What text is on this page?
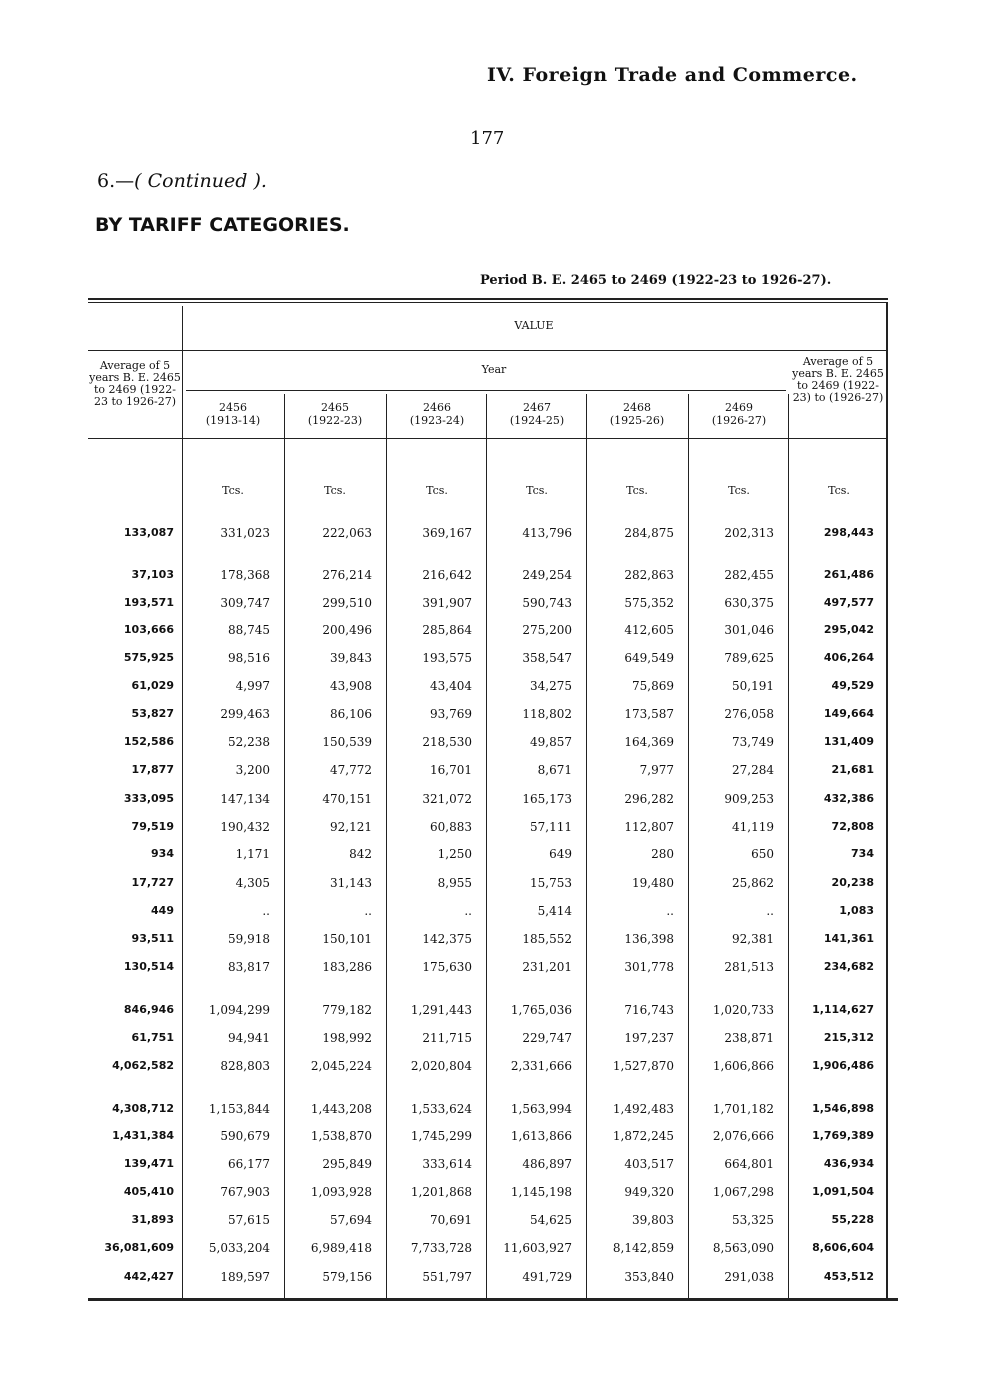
IV. Foreign Trade and Commerce.
177
6.—( Continued ).
BY TARIFF CATEGORIES.
Period B. E. 2465 to 2469 (1922-23 to 1926-27).
VALUE
Year
Average of 5 years B. E. 2465 to 2469 (1922-23 to 1926-27)
Average of 5 years B. E. 2465 to 2469 (1922-23) to (1926-27)
2456
(1913-14)
2465
(1922-23)
2466
(1923-24)
2467
(1924-25)
2468
(1925-26)
2469
(1926-27)
Tcs.	Tcs.	Tcs.	Tcs.	Tcs.	Tcs.	Tcs.
133,087	331,023	222,063	369,167	413,796	284,875	202,313	298,443
37,103	178,368	276,214	216,642	249,254	282,863	282,455	261,486
193,571	309,747	299,510	391,907	590,743	575,352	630,375	497,577
103,666	88,745	200,496	285,864	275,200	412,605	301,046	295,042
575,925	98,516	39,843	193,575	358,547	649,549	789,625	406,264
61,029	4,997	43,908	43,404	34,275	75,869	50,191	49,529
53,827	299,463	86,106	93,769	118,802	173,587	276,058	149,664
152,586	52,238	150,539	218,530	49,857	164,369	73,749	131,409
17,877	3,200	47,772	16,701	8,671	7,977	27,284	21,681
333,095	147,134	470,151	321,072	165,173	296,282	909,253	432,386
79,519	190,432	92,121	60,883	57,111	112,807	41,119	72,808
934	1,171	842	1,250	649	280	650	734
17,727	4,305	31,143	8,955	15,753	19,480	25,862	20,238
449	..	..	..	5,414	..	..	1,083
93,511	59,918	150,101	142,375	185,552	136,398	92,381	141,361
130,514	83,817	183,286	175,630	231,201	301,778	281,513	234,682
846,946	1,094,299	779,182	1,291,443	1,765,036	716,743	1,020,733	1,114,627
61,751	94,941	198,992	211,715	229,747	197,237	238,871	215,312
4,062,582	828,803	2,045,224	2,020,804	2,331,666	1,527,870	1,606,866	1,906,486
4,308,712	1,153,844	1,443,208	1,533,624	1,563,994	1,492,483	1,701,182	1,546,898
1,431,384	590,679	1,538,870	1,745,299	1,613,866	1,872,245	2,076,666	1,769,389
139,471	66,177	295,849	333,614	486,897	403,517	664,801	436,934
405,410	767,903	1,093,928	1,201,868	1,145,198	949,320	1,067,298	1,091,504
31,893	57,615	57,694	70,691	54,625	39,803	53,325	55,228
36,081,609	5,033,204	6,989,418	7,733,728	11,603,927	8,142,859	8,563,090	8,606,604
442,427	189,597	579,156	551,797	491,729	353,840	291,038	453,512
